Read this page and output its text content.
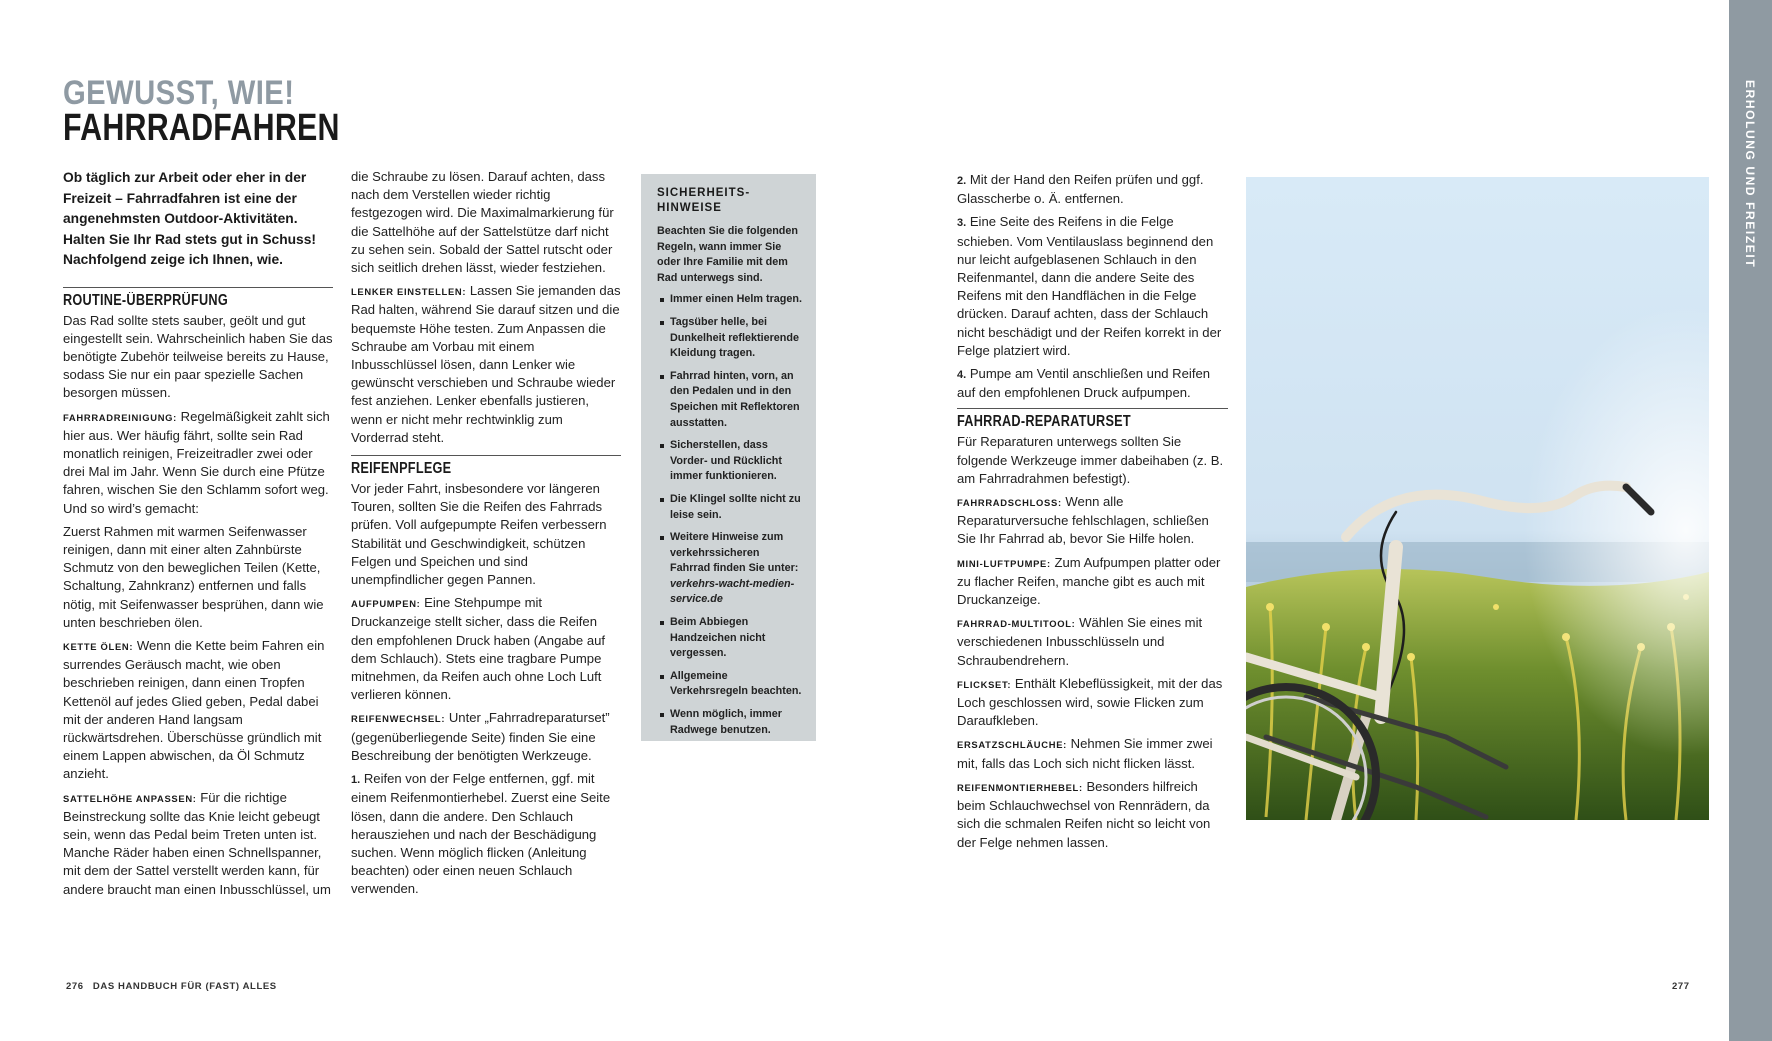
GEWUSST, WIE!
FAHRRADFAHREN

Ob täglich zur Arbeit oder eher in der Freizeit – Fahrradfahren ist eine der angenehmsten Outdoor-Aktivitäten. Halten Sie Ihr Rad stets gut in Schuss! Nachfolgend zeige ich Ihnen, wie.

ROUTINE-ÜBERPRÜFUNG

Das Rad sollte stets sauber, geölt und gut eingestellt sein. Wahrscheinlich haben Sie das benötigte Zubehör teilweise bereits zu Hause, sodass Sie nur ein paar spezielle Sachen besorgen müssen.

FAHRRADREINIGUNG: Regelmäßigkeit zahlt sich hier aus. Wer häufig fährt, sollte sein Rad monatlich reinigen, Freizeitradler zwei oder drei Mal im Jahr. Wenn Sie durch eine Pfütze fahren, wischen Sie den Schlamm sofort weg. Und so wird’s gemacht:

Zuerst Rahmen mit warmen Seifenwasser reinigen, dann mit einer alten Zahnbürste Schmutz von den beweglichen Teilen (Kette, Schaltung, Zahnkranz) entfernen und falls nötig, mit Seifenwasser besprühen, dann wie unten beschrieben ölen.

KETTE ÖLEN: Wenn die Kette beim Fahren ein surrendes Geräusch macht, wie oben beschrieben reinigen, dann einen Tropfen Kettenöl auf jedes Glied geben, Pedal dabei mit der anderen Hand langsam rückwärtsdrehen. Überschüsse gründlich mit einem Lappen abwischen, da Öl Schmutz anzieht.

SATTELHÖHE ANPASSEN: Für die richtige Beinstreckung sollte das Knie leicht gebeugt sein, wenn das Pedal beim Treten unten ist. Manche Räder haben einen Schnellspanner, mit dem der Sattel verstellt werden kann, für andere braucht man einen Inbusschlüssel, um

die Schraube zu lösen. Darauf achten, dass nach dem Verstellen wieder richtig festgezogen wird. Die Maximalmarkierung für die Sattelhöhe auf der Sattelstütze darf nicht zu sehen sein. Sobald der Sattel rutscht oder sich seitlich drehen lässt, wieder festziehen.

LENKER EINSTELLEN: Lassen Sie jemanden das Rad halten, während Sie darauf sitzen und die bequemste Höhe testen. Zum Anpassen die Schraube am Vorbau mit einem Inbusschlüssel lösen, dann Lenker wie gewünscht verschieben und Schraube wieder fest anziehen. Lenker ebenfalls justieren, wenn er nicht mehr rechtwinklig zum Vorderrad steht.

REIFENPFLEGE

Vor jeder Fahrt, insbesondere vor längeren Touren, sollten Sie die Reifen des Fahrrads prüfen. Voll aufgepumpte Reifen verbessern Stabilität und Geschwindigkeit, schützen Felgen und Speichen und sind unempfindlicher gegen Pannen.

AUFPUMPEN: Eine Stehpumpe mit Druckanzeige stellt sicher, dass die Reifen den empfohlenen Druck haben (Angabe auf dem Schlauch). Stets eine tragbare Pumpe mitnehmen, da Reifen auch ohne Loch Luft verlieren können.

REIFENWECHSEL: Unter „Fahrradreparaturset” (gegenüberliegende Seite) finden Sie eine Beschreibung der benötigten Werkzeuge.

1. Reifen von der Felge entfernen, ggf. mit einem Reifenmontierhebel. Zuerst eine Seite lösen, dann die andere. Den Schlauch herausziehen und nach der Beschädigung suchen. Wenn möglich flicken (Anleitung beachten) oder einen neuen Schlauch verwenden.

SICHERHEITS-
HINWEISE

Beachten Sie die folgenden Regeln, wann immer Sie oder Ihre Familie mit dem Rad unterwegs sind.

Immer einen Helm tragen.
Tagsüber helle, bei Dunkelheit reflektierende Kleidung tragen.
Fahrrad hinten, vorn, an den Pedalen und in den Speichen mit Reflektoren ausstatten.
Sicherstellen, dass Vorder- und Rücklicht immer funktionieren.
Die Klingel sollte nicht zu leise sein.
Weitere Hinweise zum verkehrssicheren Fahrrad finden Sie unter: verkehrs-wacht-medien-service.de
Beim Abbiegen Handzeichen nicht vergessen.
Allgemeine Verkehrsregeln beachten.
Wenn möglich, immer Radwege benutzen.

2. Mit der Hand den Reifen prüfen und ggf. Glasscherbe o. Ä. entfernen.

3. Eine Seite des Reifens in die Felge schieben. Vom Ventilauslass beginnend den nur leicht aufgeblasenen Schlauch in den Reifenmantel, dann die andere Seite des Reifens mit den Handflächen in die Felge drücken. Darauf achten, dass der Schlauch nicht beschädigt und der Reifen korrekt in der Felge platziert wird.

4. Pumpe am Ventil anschließen und Reifen auf den empfohlenen Druck aufpumpen.

FAHRRAD-REPARATURSET

Für Reparaturen unterwegs sollten Sie folgende Werkzeuge immer dabeihaben (z. B. am Fahrradrahmen befestigt).

FAHRRADSCHLOSS: Wenn alle Reparaturversuche fehlschlagen, schließen Sie Ihr Fahrrad ab, bevor Sie Hilfe holen.

MINI-LUFTPUMPE: Zum Aufpumpen platter oder zu flacher Reifen, manche gibt es auch mit Druckanzeige.

FAHRRAD-MULTITOOL: Wählen Sie eines mit verschiedenen Inbusschlüsseln und Schraubendrehern.

FLICKSET: Enthält Klebeflüssigkeit, mit der das Loch geschlossen wird, sowie Flicken zum Daraufkleben.

ERSATZSCHLÄUCHE: Nehmen Sie immer zwei mit, falls das Loch sich nicht flicken lässt.

REIFENMONTIERHEBEL: Besonders hilfreich beim Schlauchwechsel von Rennrädern, da sich die schmalen Reifen nicht so leicht von der Felge nehmen lassen.

ERHOLUNG UND FREIZEIT
276 DAS HANDBUCH FÜR (FAST) ALLES	277
